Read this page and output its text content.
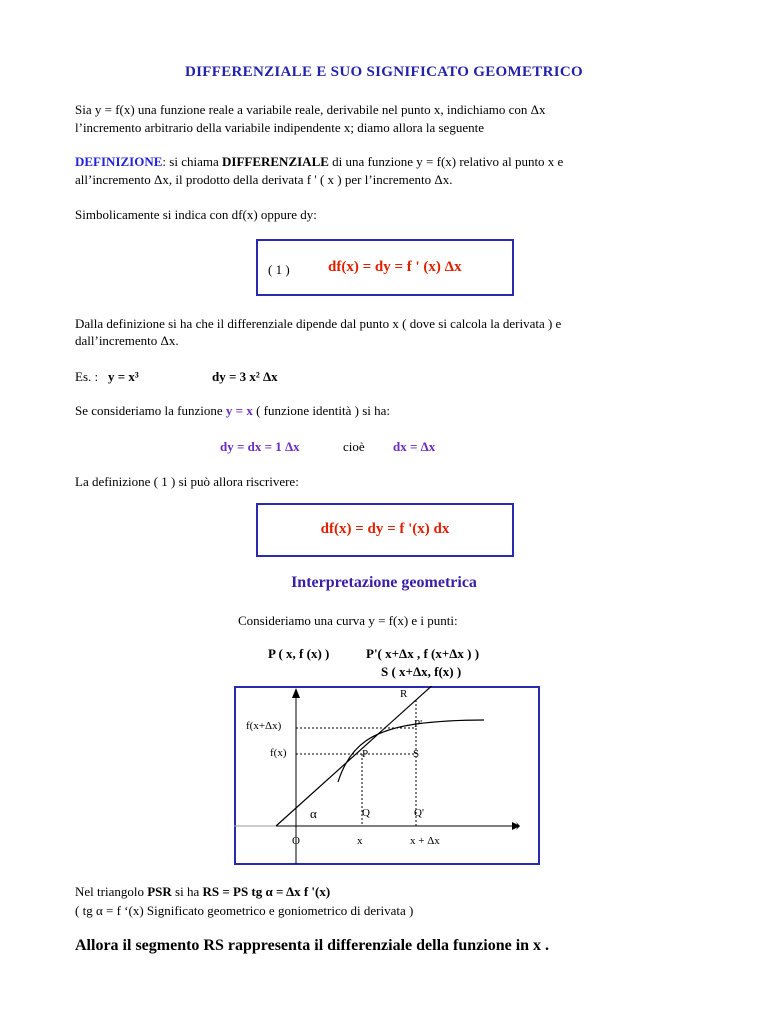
DIFFERENZIALE E SUO SIGNIFICATO GEOMETRICO
Sia y = f(x) una funzione reale a variabile reale, derivabile nel punto x, indichiamo con Δx
l’incremento arbitrario della variabile indipendente x; diamo allora la seguente
DEFINIZIONE: si chiama DIFFERENZIALE di una funzione y = f(x) relativo al punto x e
all’incremento Δx, il prodotto della derivata f ' ( x ) per l’incremento Δx.
Simbolicamente si indica con df(x) oppure dy:
( 1 )	df(x) = dy = f ' (x) Δx
Dalla definizione si ha che il differenziale dipende dal punto x ( dove si calcola la derivata ) e
dall’incremento Δx.
Es. : y = x³	dy = 3 x² Δx
Se consideriamo la funzione y = x ( funzione identità ) si ha:
dy = dx = 1 Δx	cioè dx = Δx
La definizione ( 1 ) si può allora riscrivere:
df(x) = dy = f '(x) dx
Interpretazione geometrica
Consideriamo una curva y = f(x) e i punti:
P ( x, f (x) )	P'( x+Δx , f (x+Δx ) )
S ( x+Δx, f(x) )
R
P'
f(x+Δx)
f(x)	P	S
α	Q	Q'
O	x	x + Δx
Nel triangolo PSR si ha RS = PS tg α = Δx f '(x)
( tg α = f ‘(x) Significato geometrico e goniometrico di derivata )
Allora il segmento RS rappresenta il differenziale della funzione in x .
